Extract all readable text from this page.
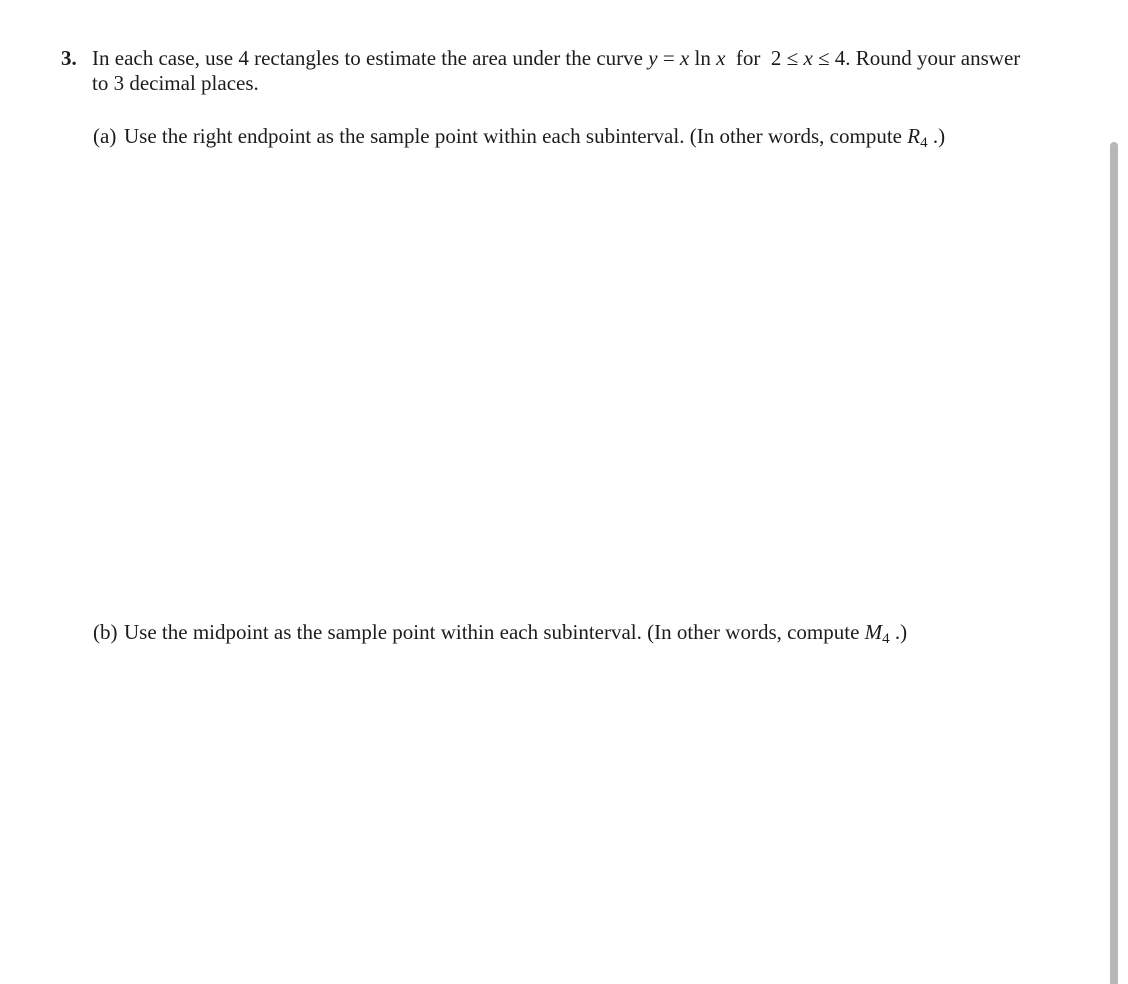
3. In each case, use 4 rectangles to estimate the area under the curve y = x ln x  for  2 ≤ x ≤ 4. Round your answer to 3 decimal places.
(a) Use the right endpoint as the sample point within each subinterval. (In other words, compute $R_4$ .)
(b) Use the midpoint as the sample point within each subinterval. (In other words, compute $M_4$ .)
